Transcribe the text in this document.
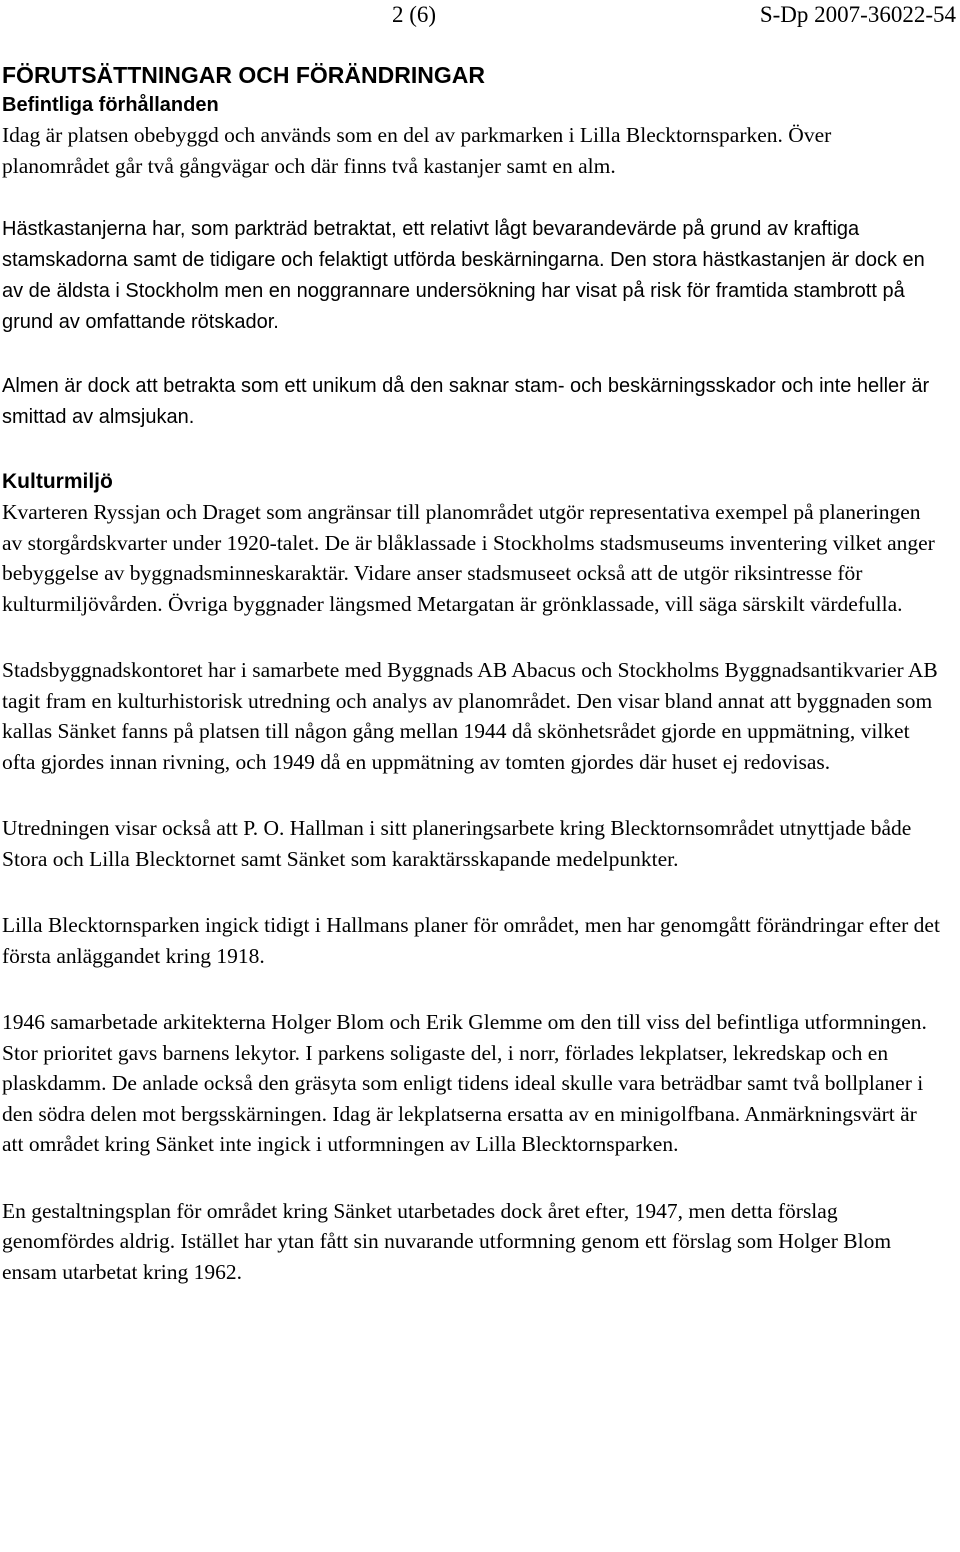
2 (6)	S-Dp 2007-36022-54
FÖRUTSÄTTNINGAR OCH FÖRÄNDRINGAR
Befintliga förhållanden

Idag är platsen obebyggd och används som en del av parkmarken i Lilla Blecktornsparken. Över planområdet går två gångvägar och där finns två kastanjer samt en alm.

Hästkastanjerna har, som parkträd betraktat, ett relativt lågt bevarandevärde på grund av kraftiga stamskadorna samt de tidigare och felaktigt utförda beskärningarna. Den stora hästkastanjen är dock en av de äldsta i Stockholm men en noggrannare undersökning har visat på risk för framtida stambrott på grund av omfattande rötskador.

Almen är dock att betrakta som ett unikum då den saknar stam- och beskärningsskador och inte heller är smittad av almsjukan.

Kulturmiljö

Kvarteren Ryssjan och Draget som angränsar till planområdet utgör representativa exempel på planeringen av storgårdskvarter under 1920-talet. De är blåklassade i Stockholms stadsmuseums inventering vilket anger bebyggelse av byggnadsminneskaraktär. Vidare anser stadsmuseet också att de utgör riksintresse för kulturmiljövården. Övriga byggnader längsmed Metargatan är grönklassade, vill säga särskilt värdefulla.

Stadsbyggnadskontoret har i samarbete med Byggnads AB Abacus och Stockholms Byggnadsantikvarier AB tagit fram en kulturhistorisk utredning och analys av planområdet. Den visar bland annat att byggnaden som kallas Sänket fanns på platsen till någon gång mellan 1944 då skönhetsrådet gjorde en uppmätning, vilket ofta gjordes innan rivning, och 1949 då en uppmätning av tomten gjordes där huset ej redovisas.

Utredningen visar också att P. O. Hallman i sitt planeringsarbete kring Blecktornsområdet utnyttjade både Stora och Lilla Blecktornet samt Sänket som karaktärsskapande medelpunkter.

Lilla Blecktornsparken ingick tidigt i Hallmans planer för området, men har genomgått förändringar efter det första anläggandet kring 1918.

1946 samarbetade arkitekterna Holger Blom och Erik Glemme om den till viss del befintliga utformningen. Stor prioritet gavs barnens lekytor. I parkens soligaste del, i norr, förlades lekplatser, lekredskap och en plaskdamm. De anlade också den gräsyta som enligt tidens ideal skulle vara beträdbar samt två bollplaner i den södra delen mot bergsskärningen. Idag är lekplatserna ersatta av en minigolfbana. Anmärkningsvärt är att området kring Sänket inte ingick i utformningen av Lilla Blecktornsparken.

En gestaltningsplan för området kring Sänket utarbetades dock året efter, 1947, men detta förslag genomfördes aldrig. Istället har ytan fått sin nuvarande utformning genom ett förslag som Holger Blom ensam utarbetat kring 1962.
